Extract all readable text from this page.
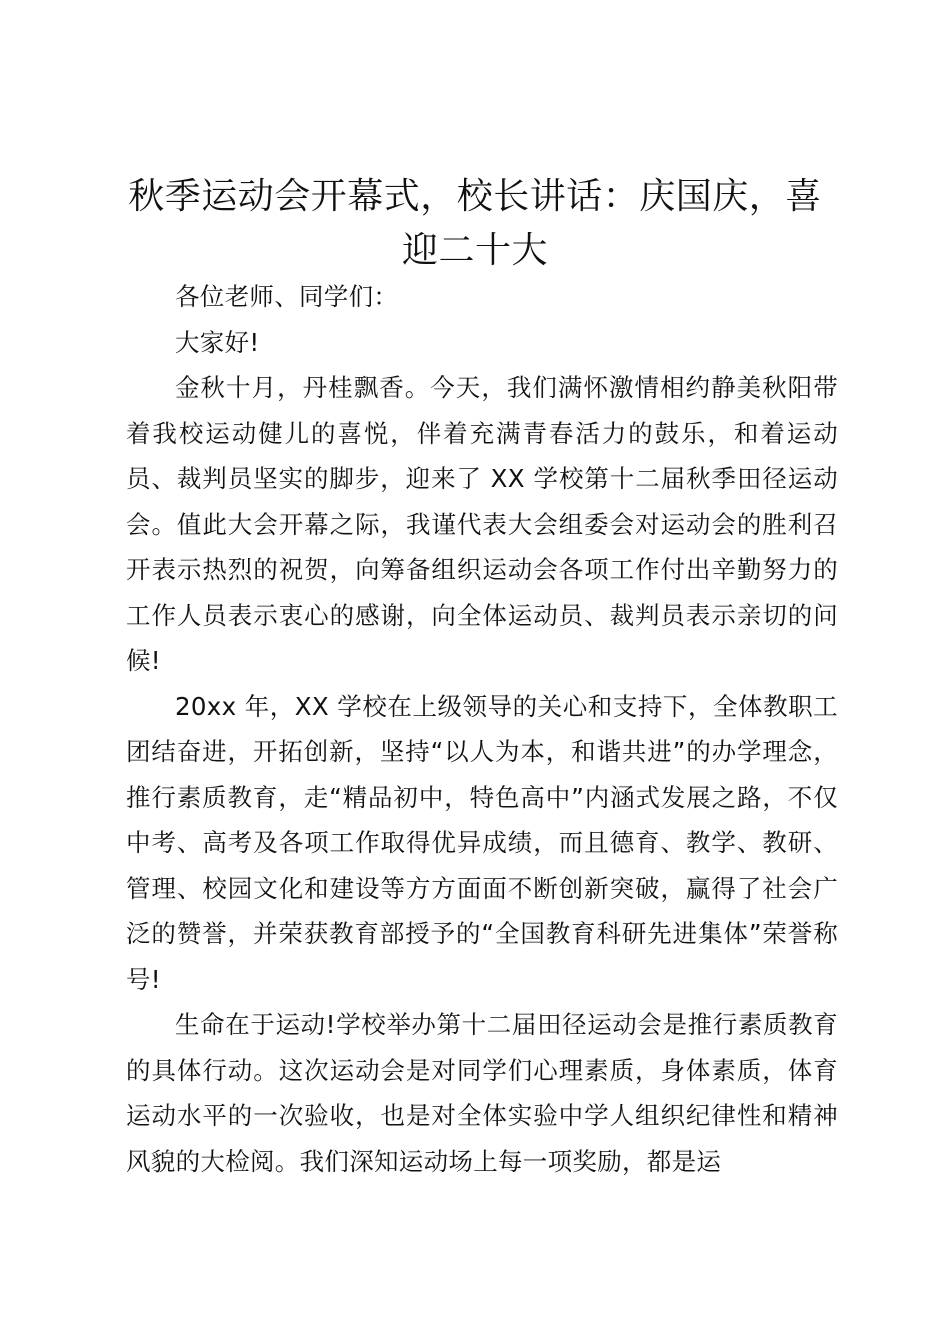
秋季运动会开幕式，校长讲话：庆国庆，喜迎二十大

各位老师、同学们：

大家好!

金秋十月，丹桂飘香。今天，我们满怀激情相约静美秋阳带着我校运动健儿的喜悦，伴着充满青春活力的鼓乐，和着运动员、裁判员坚实的脚步，迎来了 XX 学校第十二届秋季田径运动会。值此大会开幕之际，我谨代表大会组委会对运动会的胜利召开表示热烈的祝贺，向筹备组织运动会各项工作付出辛勤努力的工作人员表示衷心的感谢，向全体运动员、裁判员表示亲切的问候!

20xx 年，XX 学校在上级领导的关心和支持下，全体教职工团结奋进，开拓创新，坚持“以人为本，和谐共进”的办学理念，推行素质教育，走“精品初中，特色高中”内涵式发展之路，不仅中考、高考及各项工作取得优异成绩，而且德育、教学、教研、管理、校园文化和建设等方方面面不断创新突破，赢得了社会广泛的赞誉，并荣获教育部授予的“全国教育科研先进集体”荣誉称号!

生命在于运动!学校举办第十二届田径运动会是推行素质教育的具体行动。这次运动会是对同学们心理素质，身体素质，体育运动水平的一次验收，也是对全体实验中学人组织纪律性和精神风貌的大检阅。我们深知运动场上每一项奖励，都是运
